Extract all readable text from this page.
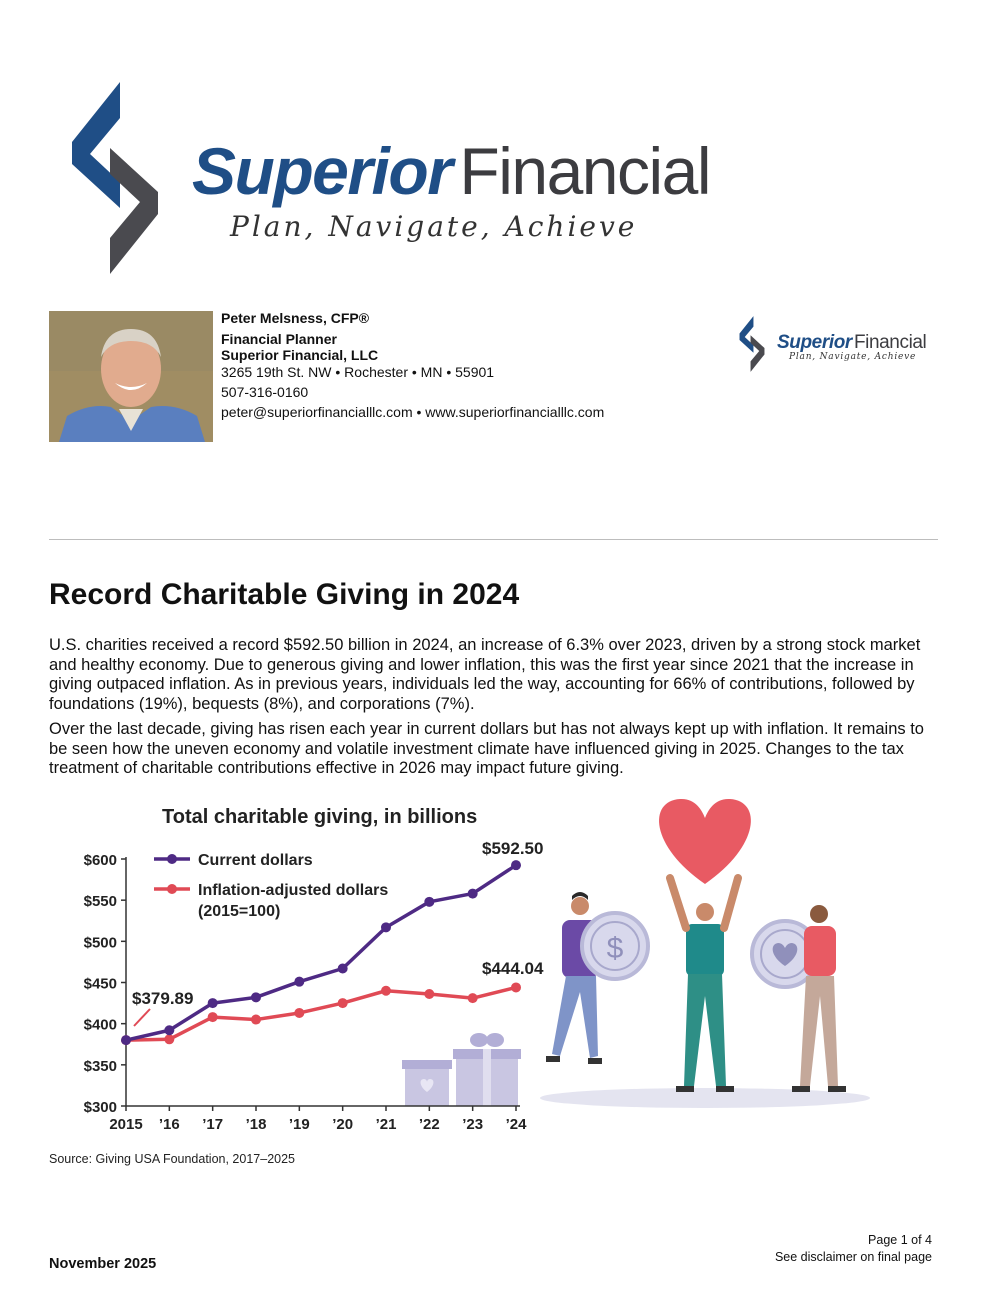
Superior Financial
Plan, Navigate, Achieve
Peter Melsness, CFP®
Financial Planner
Superior Financial, LLC
3265 19th St. NW • Rochester • MN • 55901
507-316-0160
peter@superiorfinancialllc.com • www.superiorfinancialllc.com
Superior Financial
Plan, Navigate, Achieve
Record Charitable Giving in 2024

U.S. charities received a record $592.50 billion in 2024, an increase of 6.3% over 2023, driven by a strong stock market and healthy economy. Due to generous giving and lower inflation, this was the first year since 2021 that the increase in giving outpaced inflation. As in previous years, individuals led the way, accounting for 66% of contributions, followed by foundations (19%), bequests (8%), and corporations (7%).

Over the last decade, giving has risen each year in current dollars but has not always kept up with inflation. It remains to be seen how the uneven economy and volatile investment climate have influenced giving in 2025. Changes to the tax treatment of charitable contributions effective in 2026 may impact future giving.

Total charitable giving, in billions
$300
$350
$400
$450
$500
$550
$600
2015 ’16 ’17 ’18 ’19 ’20 ’21 ’22 ’23 ’24
Current dollars
Inflation-adjusted dollars
(2015=100)
$379.89
$592.50
$444.04
$
Source: Giving USA Foundation, 2017–2025
Page 1 of 4
See disclaimer on final page
November 2025
